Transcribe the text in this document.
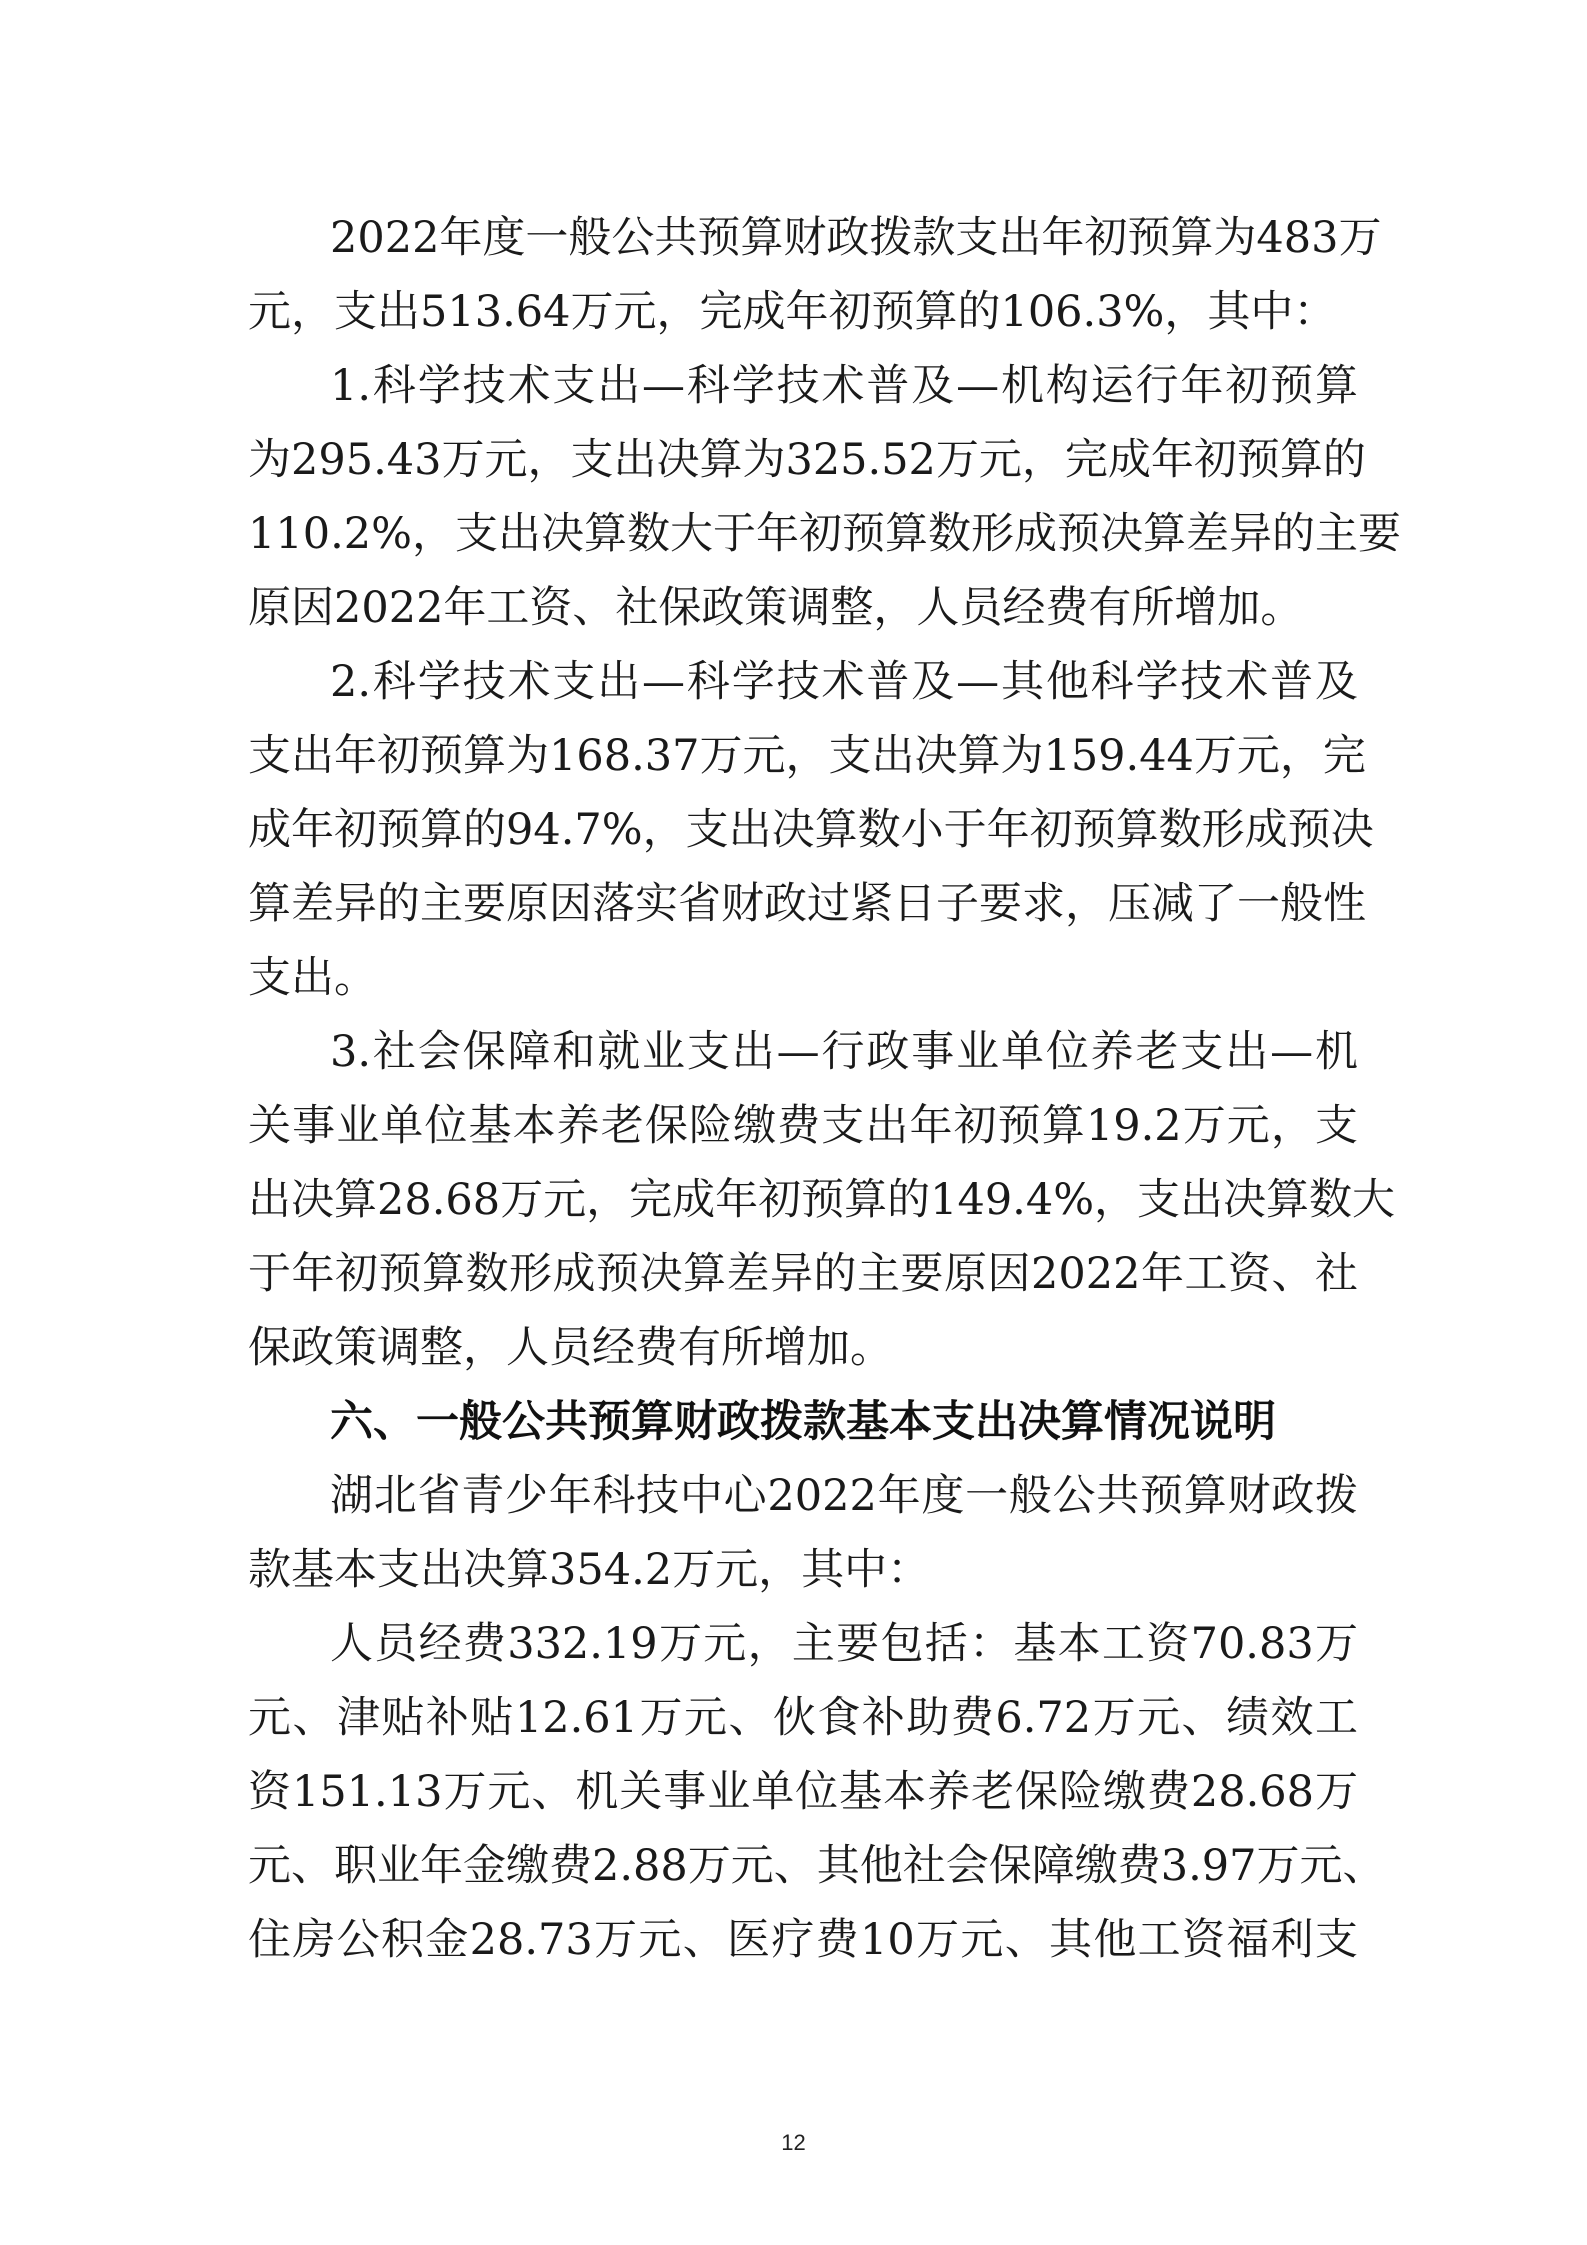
2022年度一般公共预算财政拨款支出年初预算为483万

元，支出513.64万元，完成年初预算的106.3%，其中：

1.科学技术支出—科学技术普及—机构运行年初预算

为295.43万元，支出决算为325.52万元，完成年初预算的

110.2%，支出决算数大于年初预算数形成预决算差异的主要

原因2022年工资、社保政策调整，人员经费有所增加。

2.科学技术支出—科学技术普及—其他科学技术普及

支出年初预算为168.37万元，支出决算为159.44万元，完

成年初预算的94.7%，支出决算数小于年初预算数形成预决

算差异的主要原因落实省财政过紧日子要求，压减了一般性

支出。

3.社会保障和就业支出—行政事业单位养老支出—机

关事业单位基本养老保险缴费支出年初预算19.2万元，支

出决算28.68万元，完成年初预算的149.4%，支出决算数大

于年初预算数形成预决算差异的主要原因2022年工资、社

保政策调整，人员经费有所增加。

六、一般公共预算财政拨款基本支出决算情况说明

湖北省青少年科技中心2022年度一般公共预算财政拨

款基本支出决算354.2万元，其中：

人员经费332.19万元，主要包括：基本工资70.83万

元、津贴补贴12.61万元、伙食补助费6.72万元、绩效工

资151.13万元、机关事业单位基本养老保险缴费28.68万

元、职业年金缴费2.88万元、其他社会保障缴费3.97万元、

住房公积金28.73万元、医疗费10万元、其他工资福利支

12
